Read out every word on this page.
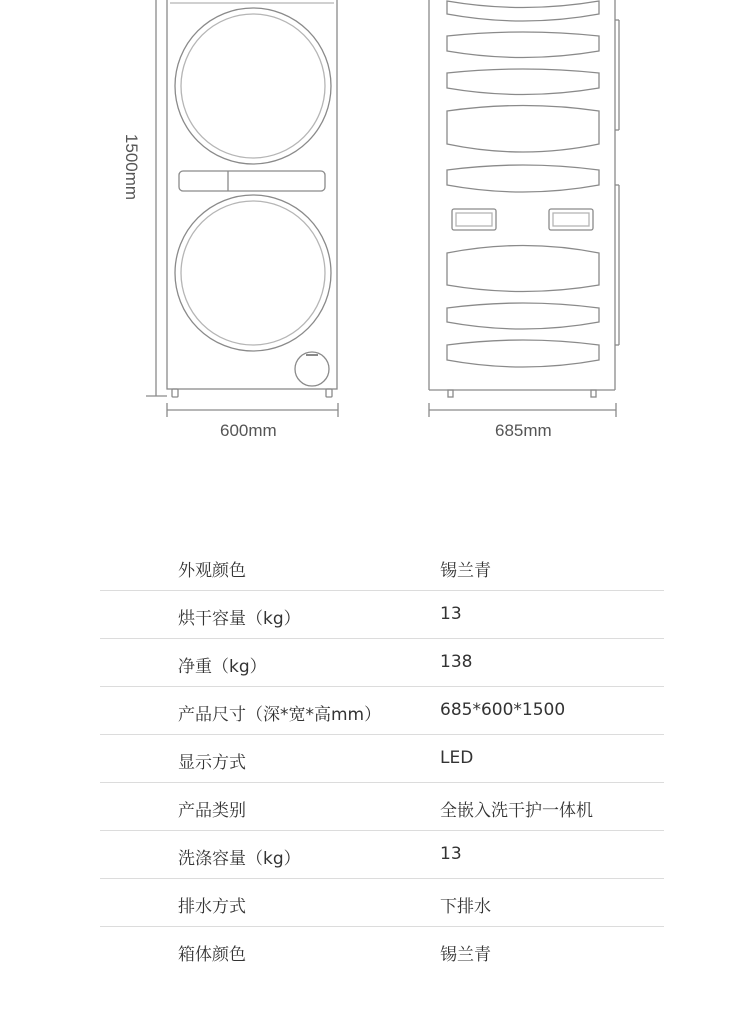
1500mm
600mm	685mm
外观颜色	锡兰青
烘干容量（kg）	13
净重（kg）	138
产品尺寸（深*宽*高mm）	685*600*1500
显示方式	LED
产品类别	全嵌入洗干护一体机
洗涤容量（kg）	13
排水方式	下排水
箱体颜色	锡兰青
